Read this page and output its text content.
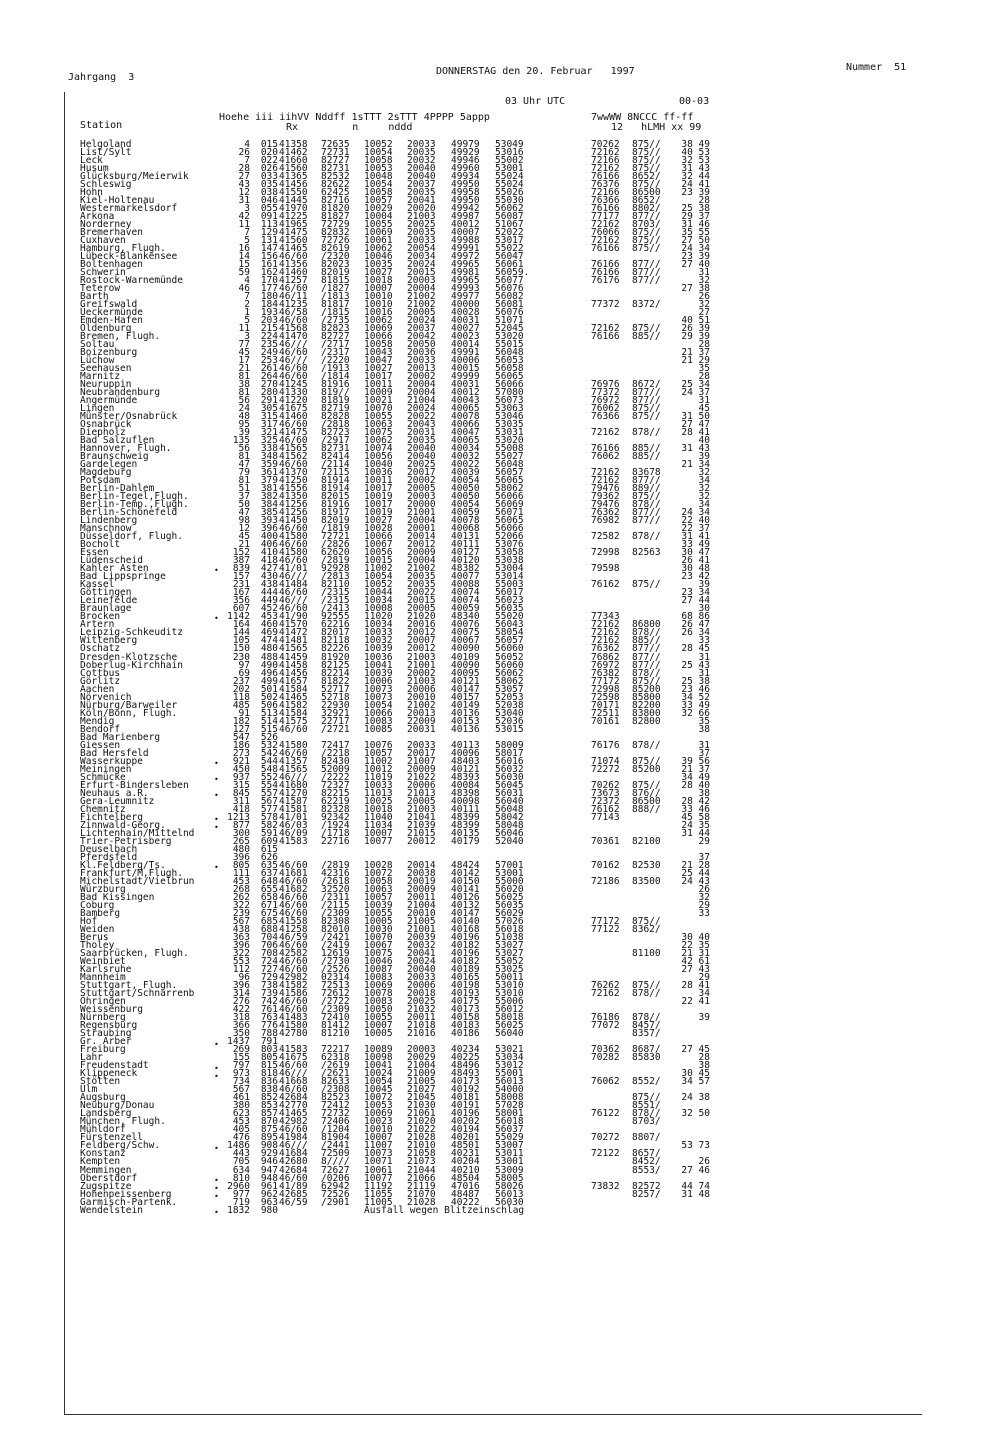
Jahrgang  3
DONNERSTAG den 20. Februar   1997	Nummer  51
03 Uhr UTC	00-03
Station
Hoehe iii iihVV Nddff 1sTTT 2sTTT 4PPPP 5appp
Rx         n     nddd
7wwWW 8NCCC ff-ff
12   hLMH xx 99
Helgoland
List/Sylt
Leck
Husum
Glücksburg/Meierwik
Schleswig
Hohn
Kiel-Holtenau
Westermarkelsdorf
Arkona
Norderney
Bremerhaven
Cuxhaven
Hamburg, Flugh.
Lübeck-Blankensee
Boltenhagen
Schwerin
Rostock-Warnemünde
Teterow
Barth
Greifswald
Ueckermünde
Emden-Hafen
Oldenburg
Bremen, Flugh.
Soltau
Boizenburg
Lüchow
Seehausen
Marnitz
Neuruppin
Neubrandenburg
Angermünde
Lingen
Münster/Osnabrück
Osnabrück
Diepholz
Bad Salzuflen
Hannover, Flugh.
Braunschweig
Gardelegen
Magdeburg
Potsdam
Berlin-Dahlem
Berlin-Tegel,Flugh.
Berlin-Temp.,Flugh.
Berlin-Schönefeld
Lindenberg
Manschnow
Düsseldorf, Flugh.
Bocholt
Essen
Lüdenscheid
Kahler Asten
Bad Lippspringe
Kassel
Göttingen
Leinefelde
Braunlage
Brocken
Artern
Leipzig-Schkeuditz
Wittenberg
Oschatz
Dresden-Klotzsche
Doberlug-Kirchhain
Cottbus
Görlitz
Aachen
Nörvenich
Nürburg/Barweiler
Köln/Bonn, Flugh.
Mendig
Bendorf
Bad Marienberg
Giessen
Bad Hersfeld
Wasserkuppe
Meiningen
Schmücke
Erfurt-Bindersleben
Neuhaus a.R.
Gera-Leumnitz
Chemnitz
Fichtelberg
Zinnwald-Georg.
Lichtenhain/Mittelnd
Trier-Petrisberg
Deuselbach
Pferdsfeld
Kl.Feldberg/Ts.
Frankfurt/M,Flugh.
Michelstadt/Vielbrun
Würzburg
Bad Kissingen
Coburg
Bamberg
Hof
Weiden
Berus
Tholey
Saarbrücken, Flugh.
Weinbiet
Karlsruhe
Mannheim
Stuttgart, Flugh.
Stuttgart/Schnarrenb
Öhringen
Weissenburg
Nürnberg
Regensburg
Straubing
Gr. Arber
Freiburg
Lahr
Freudenstadt
Klippeneck
Stötten
Ulm
Augsburg
Neuburg/Donau
Landsberg
München, Flugh.
Mühldorf
Fürstenzell
Feldberg/Schw.
Konstanz
Kempten
Memmingen
Oberstdorf
Zugspitze
Hohenpeissenberg
Garmisch-Partenk.
Wendelstein
4
26
7
28
27
43
12
31
3
42
11
7
5
16
14
15
59
4
46
7
2
1
5
11
3
77
45
17
21
81
38
81
56
24
48
95
39
135
56
81
47
79
81
51
37
50
47
98
12
45
21
152
387
839
157
231
167
356
607
1142
164
144
105
150
230
97
69
237
202
118
485
91
182
127
547
186
273
921
450
937
315
845
311
418
1213
877
300
265
480
396
805
111
453
268
262
322
239
567
438
363
396
322
553
112
96
396
314
276
422
318
366
350
1437
269
155
797
973
734
567
461
380
623
453
405
476
1486
443
705
634
810
2960
977
719
1832
015
020
022
026
033
035
038
046
055
091
113
129
131
147
156
161
162
170
177
180
184
193
203
215
224
235
249
253
261
264
270
280
291
305
315
317
321
325
338
348
359
361
379
381
382
384
385
393
396
400
406
410
418
427
430
438
444
449
452
453
460
469
474
480
488
490
496
499
501
502
506
513
514
515
526
532
542
544
548
552
554
557
567
577
578
582
591
609
615
626
635
637
648
655
658
671
675
685
688
704
706
708
724
727
729
738
739
742
761
763
776
788
791
803
805
815
818
836
838
852
853
857
870
875
895
908
929
946
947
948
961
962
963
980
41358
41462
41660
41560
41365
41456
41550
41445
41970
41225
41965
41475
41560
41465
46/60
41356
41460
41257
46/60
46/11
41235
46/58
46/60
41568
41470
46///
46/60
46///
46/60
46/60
41245
41330
41220
41675
41460
46/60
41475
46/60
41565
41562
46/60
41370
41250
41556
41350
41256
41256
41450
46/60
41580
46/60
41580
46/60
41/01
46///
41484
46/60
46///
46/60
41/90
41570
41472
41481
41565
41459
41458
41456
41657
41584
41465
41582
41584
41575
46/60
41580
46/60
41357
41565
46///
41680
41270
41587
41581
41/01
46/03
46/09
41583
46/60
41681
46/60
41682
46/60
46/60
46/60
41558
41258
46/59
46/60
42582
46/60
46/60
42982
41582
41586
46/60
46/60
41483
41580
42780
41583
41675
46/60
46///
41668
46/60
42684
42770
41465
42982
46/60
41984
46///
41684
42680
42684
46/60
41/89
42685
46/59
72635
72731
82727
82731
82532
82622
62425
82716
81820
81827
72729
82832
72726
82619
/2320
82023
82019
81815
/1827
/1813
81817
/1815
/2735
82823
82727
/2717
/2317
/2220
/1913
/1814
81916
819//
81819
82719
82828
/2818
82723
/2917
82731
82414
/2114
72115
81914
81914
82015
81916
81917
82019
/1819
72721
/2826
62620
/2819
92928
/2813
82110
/2315
/2315
/2413
92555
62216
82017
82118
82226
81920
82125
82214
81822
52717
52718
22930
32921
22717
/2721
72417
/2218
82430
52009
/2222
72327
82215
62219
82328
92342
/1924
/1718
22716
/2819
42316
/2618
32520
/2311
/2115
/2309
82308
82010
/2421
/2419
12619
/2730
/2526
02314
72513
72612
/2722
/2309
72410
81412
81210
72217
62318
/2619
/2621
82633
/2308
82523
72412
72732
72406
/1204
81904
/2441
72509
8////
72627
/0206
62942
72526
/2901
10052
10054
10058
10053
10048
10054
10058
10057
10029
10004
10055
10069
10061
10062
10046
10035
10027
10018
10007
10010
10010
10016
10062
10069
10066
10058
10043
10047
10027
10017
10011
10009
10021
10070
10055
10063
10075
10062
10074
10056
10040
10036
10011
10017
10019
10017
10019
10027
10028
10066
10067
10056
10015
11002
10054
10052
10044
10034
10008
11020
10034
10033
10032
10039
10036
10041
10039
10006
10073
10073
10054
10066
10083
10085
10076
10057
11002
10012
11019
10033
11013
10025
10018
11040
11034
10007
10077
10028
10072
10058
10063
10057
10039
10055
10005
10030
10070
10067
10075
10046
10087
10083
10069
10078
10083
10050
10055
10007
10005
10089
10098
10041
10024
10054
10045
10072
10053
10069
10023
10010
10007
11007
10073
10071
10061
10077
11192
11055
11005
Ausfall wegen Blitzeinschlag
20033
20035
20032
20040
20040
20037
20035
20041
20020
21003
20025
20035
20033
20054
20034
20024
20015
20003
20004
21002
21002
20005
20024
20037
20042
20050
20036
20033
20013
20002
20004
20004
21004
20024
20022
20043
20031
20035
20040
20040
20025
20017
20002
20005
20003
20000
21001
20004
20001
20014
20012
20009
20004
21002
20035
20035
20022
20015
20005
21020
20016
20012
20007
20012
21003
21001
20002
21003
20006
20010
21002
20013
22009
20031
20033
20017
21007
20009
21022
20006
21013
20005
21003
21041
21039
21015
20012
20014
20038
20019
20009
20011
21004
20010
21005
21001
20039
20032
20041
20024
20040
20033
20006
20018
20025
21032
20011
21018
21016
20003
20029
21004
21009
21005
21027
21045
21030
21061
21020
21022
21028
21010
21058
21073
21044
21066
21119
21070
21028
49979
49929
49946
49960
49934
49950
49958
49950
49942
49987
40012
40007
49988
49991
49972
49965
49981
49965
49993
49977
40000
40028
40031
40027
40023
40014
49991
40006
40015
49999
40031
40012
40043
40065
40078
40066
40047
40065
40034
40032
40022
40039
40054
40050
40050
40054
40059
40078
40068
40131
40111
40127
40120
48382
40077
40088
40074
40074
40059
48340
40076
40075
40067
40090
40109
40090
40095
40121
40147
40157
40149
40136
40153
40136
40113
40096
48403
40121
48393
40084
48398
40098
40111
48399
48399
40135
40179
48424
40142
40150
40141
40126
40132
40147
40140
40168
40196
40182
40196
40182
40189
40165
40198
40193
40175
40173
40158
40183
40186
40234
40225
48496
48493
40173
40192
40181
40191
40196
40202
40194
40201
48501
40231
40204
40210
48504
47016
48487
40222
53049
53016
55002
53001
55024
55024
55026
55030
56062
56087
51067
52022
53017
55022
56047
56061
56059.
56077
56076
56082
56081
56076
51071
52045
53020
55015
56048
56053
56058
56065
56066
57080
56073
53063
53046
53035
53031
53020
55008
55027
56048
56057
56065
58062
56066
56069
56071
56065
56066
52066
53076
53058
53038
53004
53014
55003
56017
56023
56035
55020
56043
58054
56057
56060
56052
56060
56062
58062
53057
52053
52038
53040
52036
53015
58009
58017
56016
56032
56030
56045
56031
56040
56048
58042
58048
56046
52040
57001
53001
55000
56020
56025
56035
56029
57026
56018
51038
53027
53027
55052
53025
50011
53010
53010
55006
56012
58018
56025
56040
53021
53034
53012
55001
56013
54000
58008
57028
58001
56018
56037
55029
53007
53011
53001
53009
58005
58026
56013
56030
70262
72162
72166
72162
76166
76376
72166
76366
76166
77177
72162
76066
72162
76166
76166
76166
76176
77372
72162
76166
76976
77372
76972
76062
76366
72162
76166
76062
72162
72162
79476
79362
79476
76362
76982
72582
72998
79598
76162
77343
72162
72162
72162
76362
76862
76972
76382
77172
72998
72598
70171
72511
70161
76176
71074
72272
70262
73673
72372
76162
77143
70361
70162
72186
77172
77122
76262
72162
76186
77072
70362
70282
76062
76122
70272
72122
73832
875//
875//
875//
875//
8652/
875//
86500
8652/
8802/
877//
8703/
875//
875//
875//
877//
877//
877//
8372/
875//
885//
8672/
877//
877//
875//
875//
878//
885//
885//
83678
877//
889//
875//
878//
877//
877//
878//
82563
875//
86800
878//
885//
877//
877//
877//
878//
875//
85200
85800
82200
83800
82800
878//
875//
85200
875//
876//
86500
888//
82100
82530
83500
875//
8362/
81100
875//
878//
878//
8457/
8357/
8687/
85830
8552/
875//
8551/
878//
8703/
8807/
8657/
8452/
8553/
82572
8257/
38 49
40 53
32 53
31 43
32 44
24 41
23 39
28
25 38
29 37
31 46
35 55
27 50
24 34
23 39
27 40
31
32
27 38
26
32
27
40 51
26 39
29 39
28
21 37
21 29
35
28
25 34
24 37
31
45
31 50
27 47
28 41
40
31 43
39
21 34
32
34
32
32
34
24 34
22 40
22 37
31 41
33 49
30 47
26 41
30 48
23 42
39
23 34
27 44
30
68 86
26 47
26 34
33
28 45
31
25 43
31
25 38
23 46
34 52
33 49
32 66
35
38
31
37
39 56
21 37
34 49
28 40
38
28 42
33 46
45 58
24 35
31 44
29
37
21 28
25 44
24 43
26
32
29
33
30 40
22 35
21 31
42 61
27 43
29
28 41
34
22 41
39
27 45
28
38
30 45
34 57
24 38
32 50
53 73
26
27 46
44 74
31 48
•
•
•
•
•
•
•
•
•
•
•
•
•
•
•
•
